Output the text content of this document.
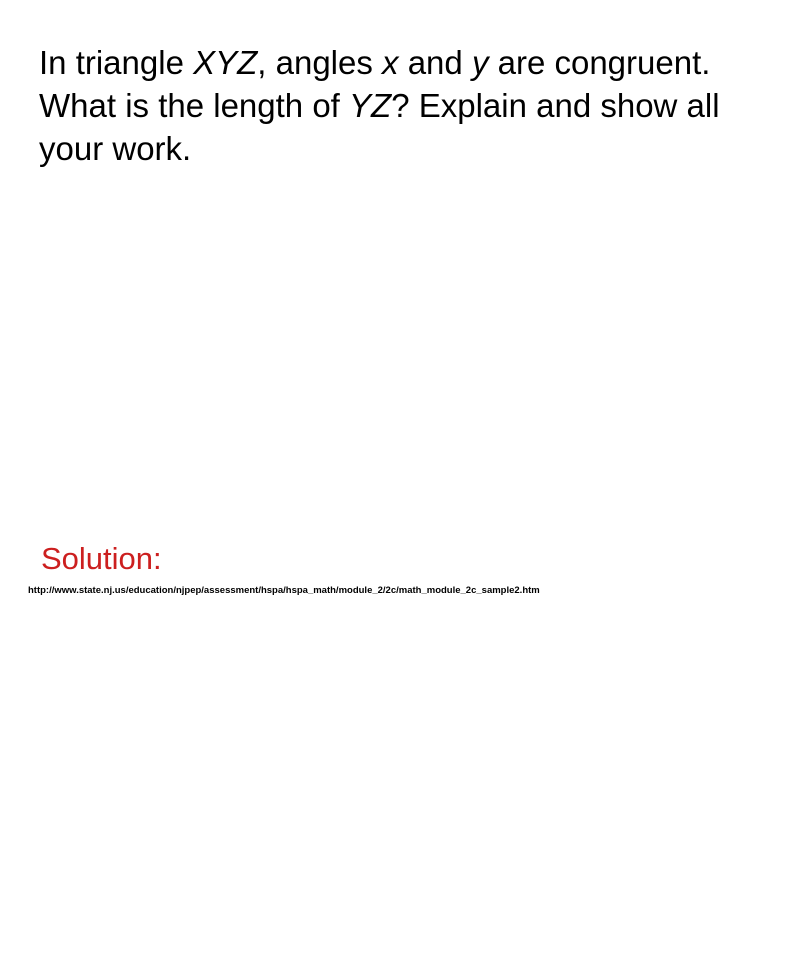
In triangle XYZ, angles x and y are congruent. What is the length of YZ? Explain and show all your work.

Solution:

http://www.state.nj.us/education/njpep/assessment/hspa/hspa_math/module_2/2c/math_module_2c_sample2.htm
